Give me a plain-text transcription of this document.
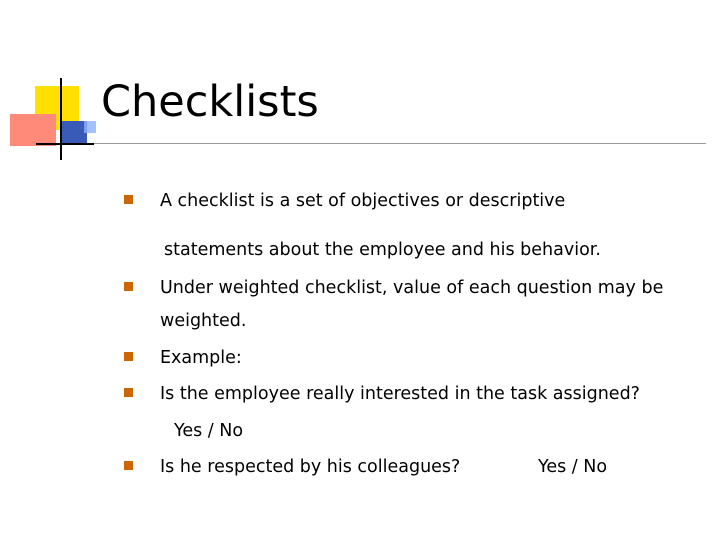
Checklists
A checklist is a set of objectives or descriptive
statements about the employee and his behavior.
Under weighted checklist, value of each question may be
weighted.
Example:
Is the employee really interested in the task assigned?
Yes / No
Is he respected by his colleagues?	Yes / No
